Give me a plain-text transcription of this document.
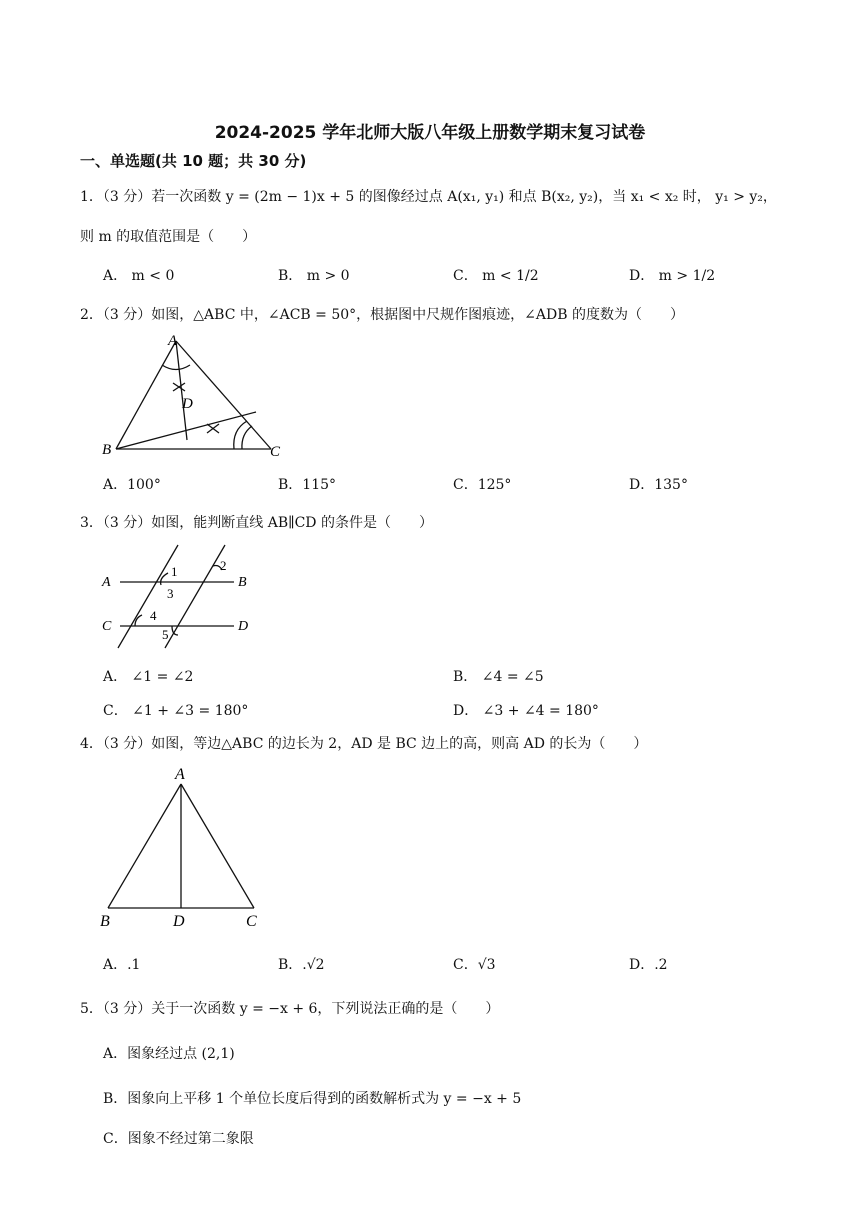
2024-2025 学年北师大版八年级上册数学期末复习试卷
一、单选题(共 10 题；共 30 分)
1．（3 分）若一次函数 y = (2m − 1)x + 5 的图像经过点 A(x₁, y₁) 和点 B(x₂, y₂)，当 x₁ < x₂ 时， y₁ > y₂，
则 m 的取值范围是（　　）
A． m < 0	B． m > 0	C． m < 1/2	D． m > 1/2
2．（3 分）如图，△ABC 中，∠ACB = 50°，根据图中尺规作图痕迹，∠ADB 的度数为（　　）
A
B	C
D
A．100°	B．115°	C．125°	D．135°
3．（3 分）如图，能判断直线 AB∥CD 的条件是（　　）
A	B
C	D
1	2
3
4
5
A． ∠1 = ∠2	B． ∠4 = ∠5
C． ∠1 + ∠3 = 180°	D． ∠3 + ∠4 = 180°
4．（3 分）如图，等边△ABC 的边长为 2，AD 是 BC 边上的高，则高 AD 的长为（　　）
A
B	D	C
A．.1	B．.√2	C．√3	D．.2
5．（3 分）关于一次函数 y = −x + 6，下列说法正确的是（　　）
A．图象经过点 (2,1)
B．图象向上平移 1 个单位长度后得到的函数解析式为 y = −x + 5
C．图象不经过第二象限
